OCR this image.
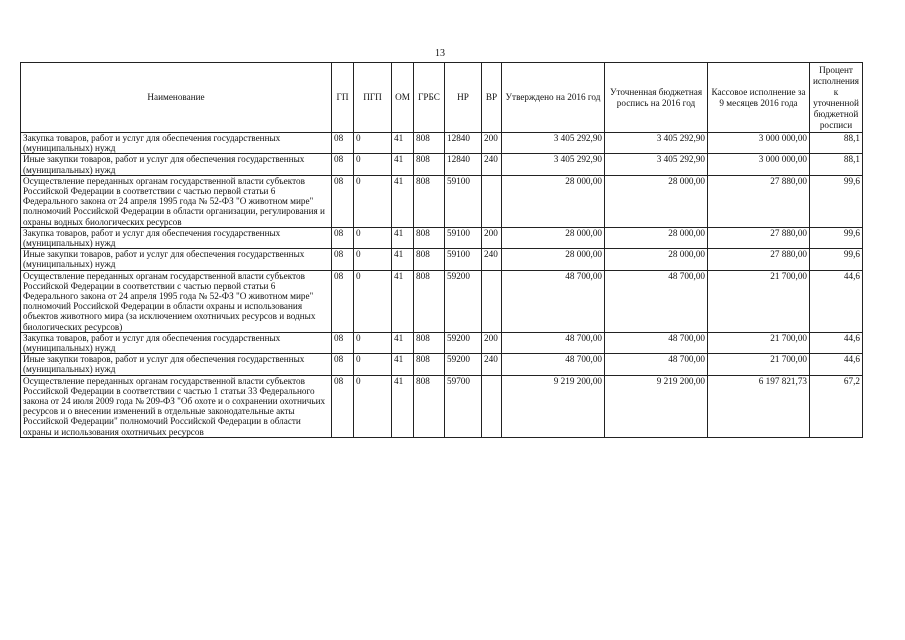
13
Наименование	ГП	ПГП	ОМ	ГРБС	НР	ВР	Утверждено на 2016 год	Уточненная бюджетная роспись на 2016 год	Кассовое исполнение за 9 месяцев 2016 года	Процент исполнения к уточненной бюджетной росписи
Закупка товаров, работ и услуг для обеспечения государственных (муниципальных) нужд	08	0	41	808	12840	200	3 405 292,90	3 405 292,90	3 000 000,00	88,1
Иные закупки товаров, работ и услуг для обеспечения государственных (муниципальных) нужд	08	0	41	808	12840	240	3 405 292,90	3 405 292,90	3 000 000,00	88,1
Осуществление переданных органам государственной власти субъектов Российской Федерации в соответствии с частью первой статьи 6 Федерального закона от 24 апреля 1995 года № 52-ФЗ "О животном мире" полномочий Российской Федерации в области организации, регулирования и охраны водных биологических ресурсов	08	0	41	808	59100		28 000,00	28 000,00	27 880,00	99,6
Закупка товаров, работ и услуг для обеспечения государственных (муниципальных) нужд	08	0	41	808	59100	200	28 000,00	28 000,00	27 880,00	99,6
Иные закупки товаров, работ и услуг для обеспечения государственных (муниципальных) нужд	08	0	41	808	59100	240	28 000,00	28 000,00	27 880,00	99,6
Осуществление переданных органам государственной власти субъектов Российской Федерации в соответствии с частью первой статьи 6 Федерального закона от 24 апреля 1995 года № 52-ФЗ "О животном мире" полномочий Российской Федерации в области охраны и использования объектов животного мира (за исключением охотничьих ресурсов и водных биологических ресурсов)	08	0	41	808	59200		48 700,00	48 700,00	21 700,00	44,6
Закупка товаров, работ и услуг для обеспечения государственных (муниципальных) нужд	08	0	41	808	59200	200	48 700,00	48 700,00	21 700,00	44,6
Иные закупки товаров, работ и услуг для обеспечения государственных (муниципальных) нужд	08	0	41	808	59200	240	48 700,00	48 700,00	21 700,00	44,6
Осуществление переданных органам государственной власти субъектов Российской Федерации в соответствии с частью 1 статьи 33 Федерального закона от 24 июля 2009 года № 209-ФЗ "Об охоте и о сохранении охотничьих ресурсов и о внесении изменений в отдельные законодательные акты Российской Федерации" полномочий Российской Федерации в области охраны и использования охотничьих ресурсов	08	0	41	808	59700		9 219 200,00	9 219 200,00	6 197 821,73	67,2
